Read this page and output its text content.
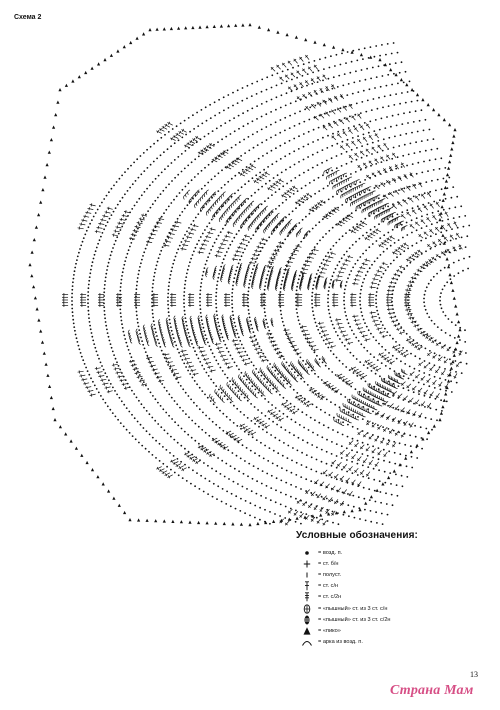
Схема 2
Условные обозначения:
= возд. п.
= ст. б/н
= полуст.
= ст. с/н
= ст. с/2н
= «пышный» ст. из 3 ст. с/н
= «пышный» ст. из 3 ст. с/2н
= «пико»
= арка из возд. п.
13
Страна Мам
